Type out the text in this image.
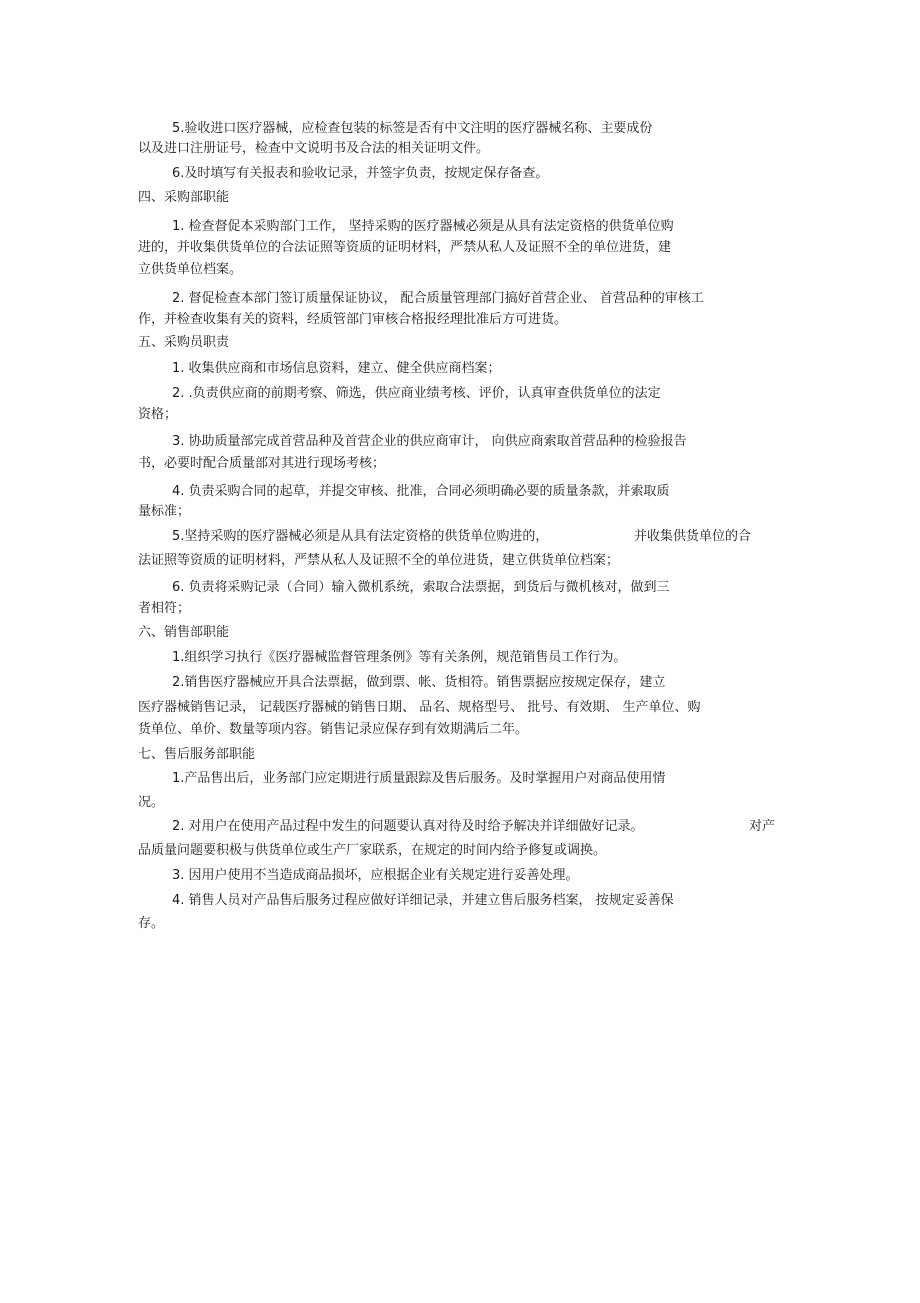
5.验收进口医疗器械，应检查包装的标签是否有中文注明的医疗器械名称、主要成份
以及进口注册证号，检查中文说明书及合法的相关证明文件。
6.及时填写有关报表和验收记录，并签字负责，按规定保存备查。
四、采购部职能
1. 检查督促本采购部门工作， 坚持采购的医疗器械必须是从具有法定资格的供货单位购
进的，并收集供货单位的合法证照等资质的证明材料，严禁从私人及证照不全的单位进货，建
立供货单位档案。
2. 督促检查本部门签订质量保证协议， 配合质量管理部门搞好首营企业、 首营品种的审核工
作，并检查收集有关的资料，经质管部门审核合格报经理批准后方可进货。
五、采购员职责
1. 收集供应商和市场信息资料，建立、健全供应商档案；
2. .负责供应商的前期考察、筛选，供应商业绩考核、评价，认真审查供货单位的法定
资格；
3. 协助质量部完成首营品种及首营企业的供应商审计， 向供应商索取首营品种的检验报告
书，必要时配合质量部对其进行现场考核；
4. 负责采购合同的起草，并提交审核、批准，合同必须明确必要的质量条款，并索取质
量标准；
5.坚持采购的医疗器械必须是从具有法定资格的供货单位购进的，	并收集供货单位的合
法证照等资质的证明材料，严禁从私人及证照不全的单位进货，建立供货单位档案；
6. 负责将采购记录（合同）输入微机系统，索取合法票据，到货后与微机核对，做到三
者相符；
六、销售部职能
1.组织学习执行《医疗器械监督管理条例》等有关条例，规范销售员工作行为。
2.销售医疗器械应开具合法票据，做到票、帐、货相符。销售票据应按规定保存，建立
医疗器械销售记录， 记载医疗器械的销售日期、 品名、规格型号、 批号、有效期、 生产单位、购
货单位、单价、数量等项内容。销售记录应保存到有效期满后二年。
七、售后服务部职能
1.产品售出后，业务部门应定期进行质量跟踪及售后服务。及时掌握用户对商品使用情
况。
2. 对用户在使用产品过程中发生的问题要认真对待及时给予解决并详细做好记录。	对产
品质量问题要积极与供货单位或生产厂家联系，在规定的时间内给予修复或调换。
3. 因用户使用不当造成商品损坏，应根据企业有关规定进行妥善处理。
4. 销售人员对产品售后服务过程应做好详细记录，并建立售后服务档案， 按规定妥善保
存。
